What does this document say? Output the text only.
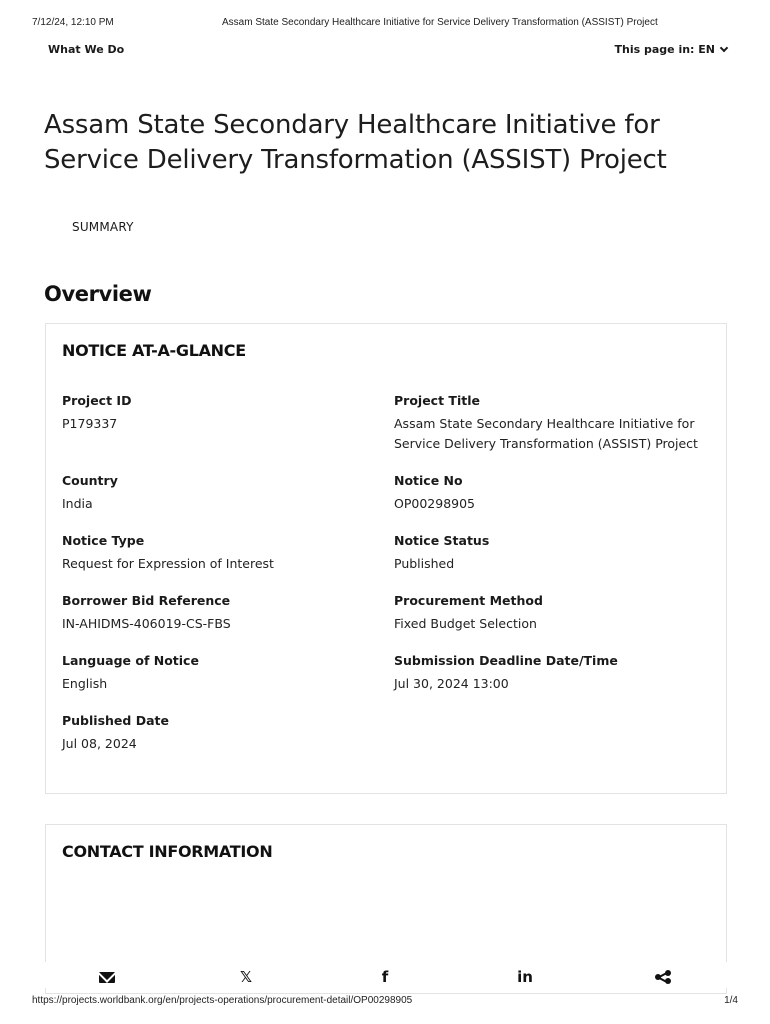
7/12/24, 12:10 PM	Assam State Secondary Healthcare Initiative for Service Delivery Transformation (ASSIST) Project
What We Do	This page in: EN
Assam State Secondary Healthcare Initiative for
Service Delivery Transformation (ASSIST) Project
SUMMARY
Overview
NOTICE AT-A-GLANCE
Project ID
P179337
Project Title
Assam State Secondary Healthcare Initiative for Service Delivery Transformation (ASSIST) Project
Country
India
Notice No
OP00298905
Notice Type
Request for Expression of Interest
Notice Status
Published
Borrower Bid Reference
IN-AHIDMS-406019-CS-FBS
Procurement Method
Fixed Budget Selection
Language of Notice
English
Submission Deadline Date/Time
Jul 30, 2024 13:00
Published Date
Jul 08, 2024
CONTACT INFORMATION
𝕏	f	in
https://projects.worldbank.org/en/projects-operations/procurement-detail/OP00298905	1/4
